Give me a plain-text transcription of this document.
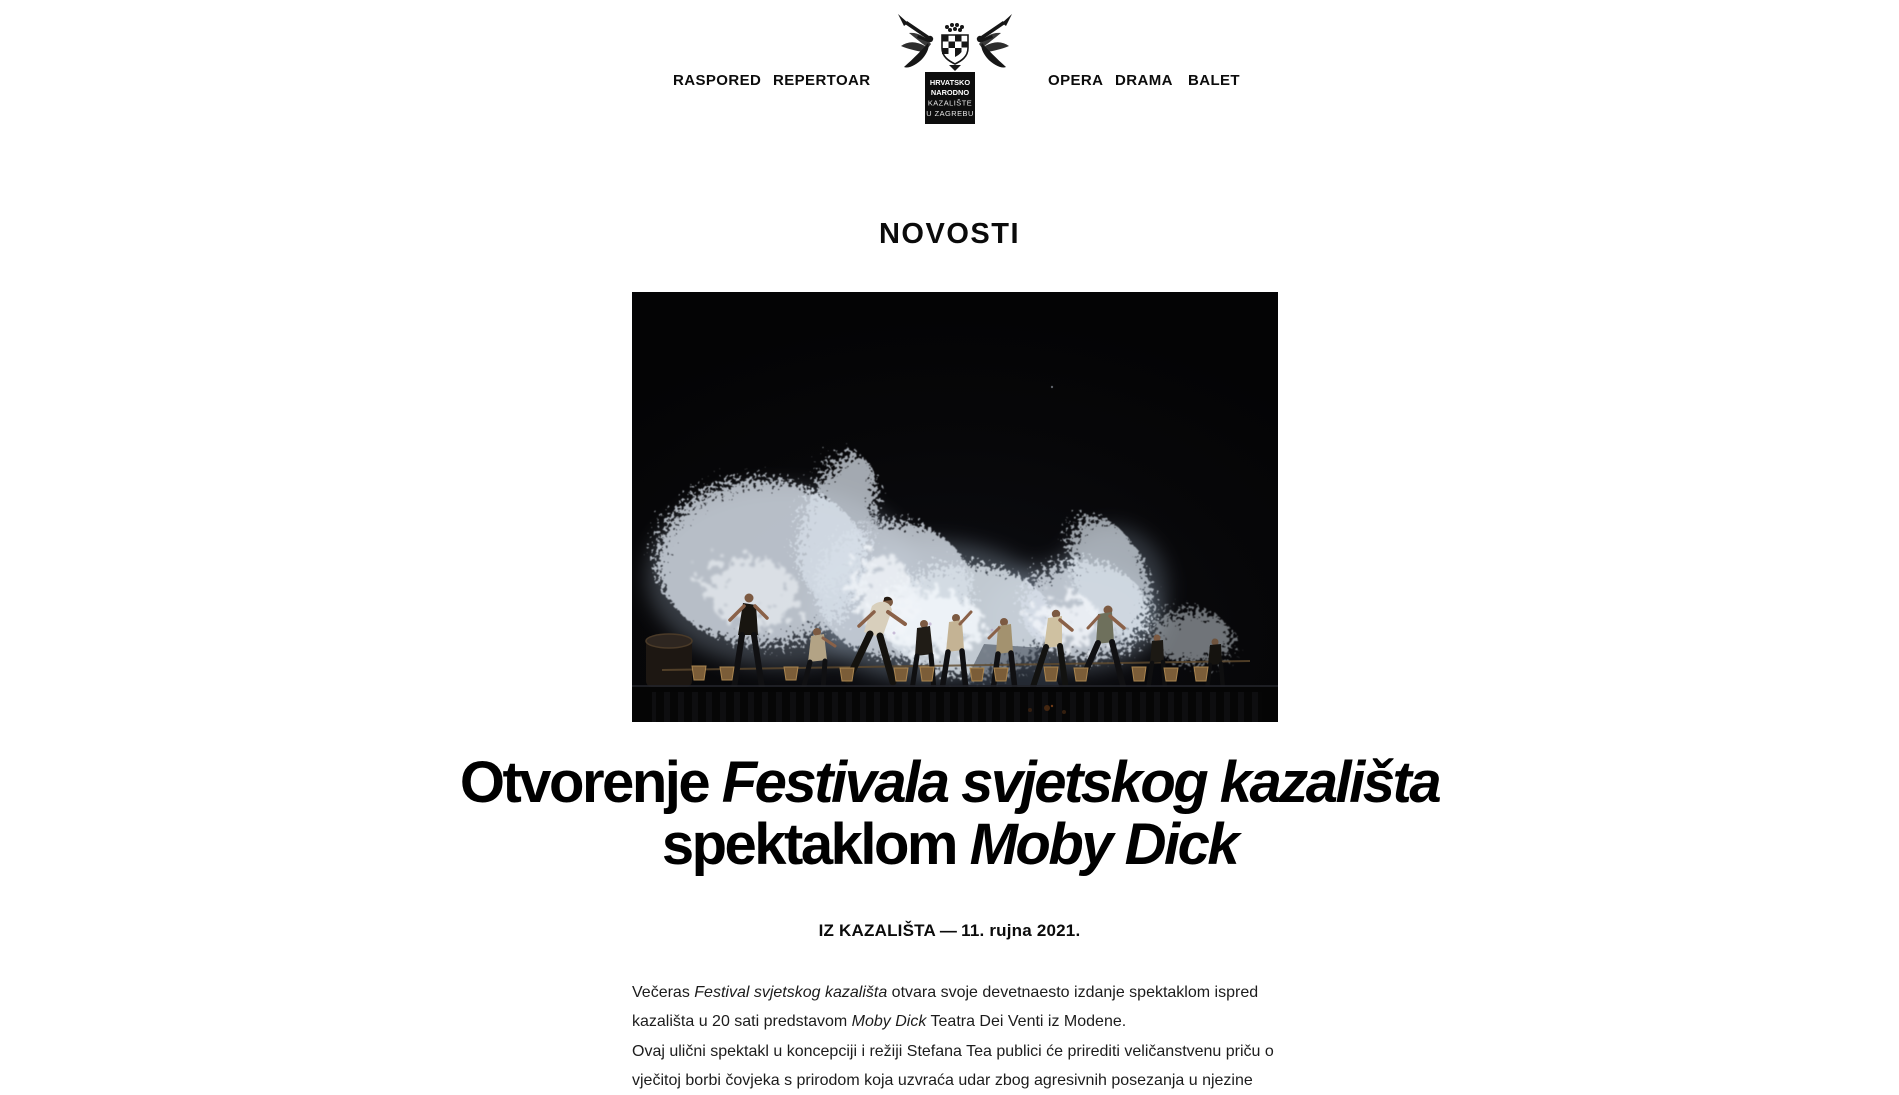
RASPORED REPERTOAR	OPERA DRAMA BALET
HRVATSKO
NARODNO
KAZALIŠTE
U ZAGREBU
NOVOSTI
Otvorenje Festivala svjetskog kazališta spektaklom Moby Dick
IZ KAZALIŠTA — 11. rujna 2021.

Večeras Festival svjetskog kazališta otvara svoje devetnaesto izdanje spektaklom ispred kazališta u 20 sati predstavom Moby Dick Teatra Dei Venti iz Modene.

Ovaj ulični spektakl u koncepciji i režiji Stefana Tea publici će prirediti veličanstvenu priču o vječitoj borbi čovjeka s prirodom koja uzvraća udar zbog agresivnih posezanja u njezine
